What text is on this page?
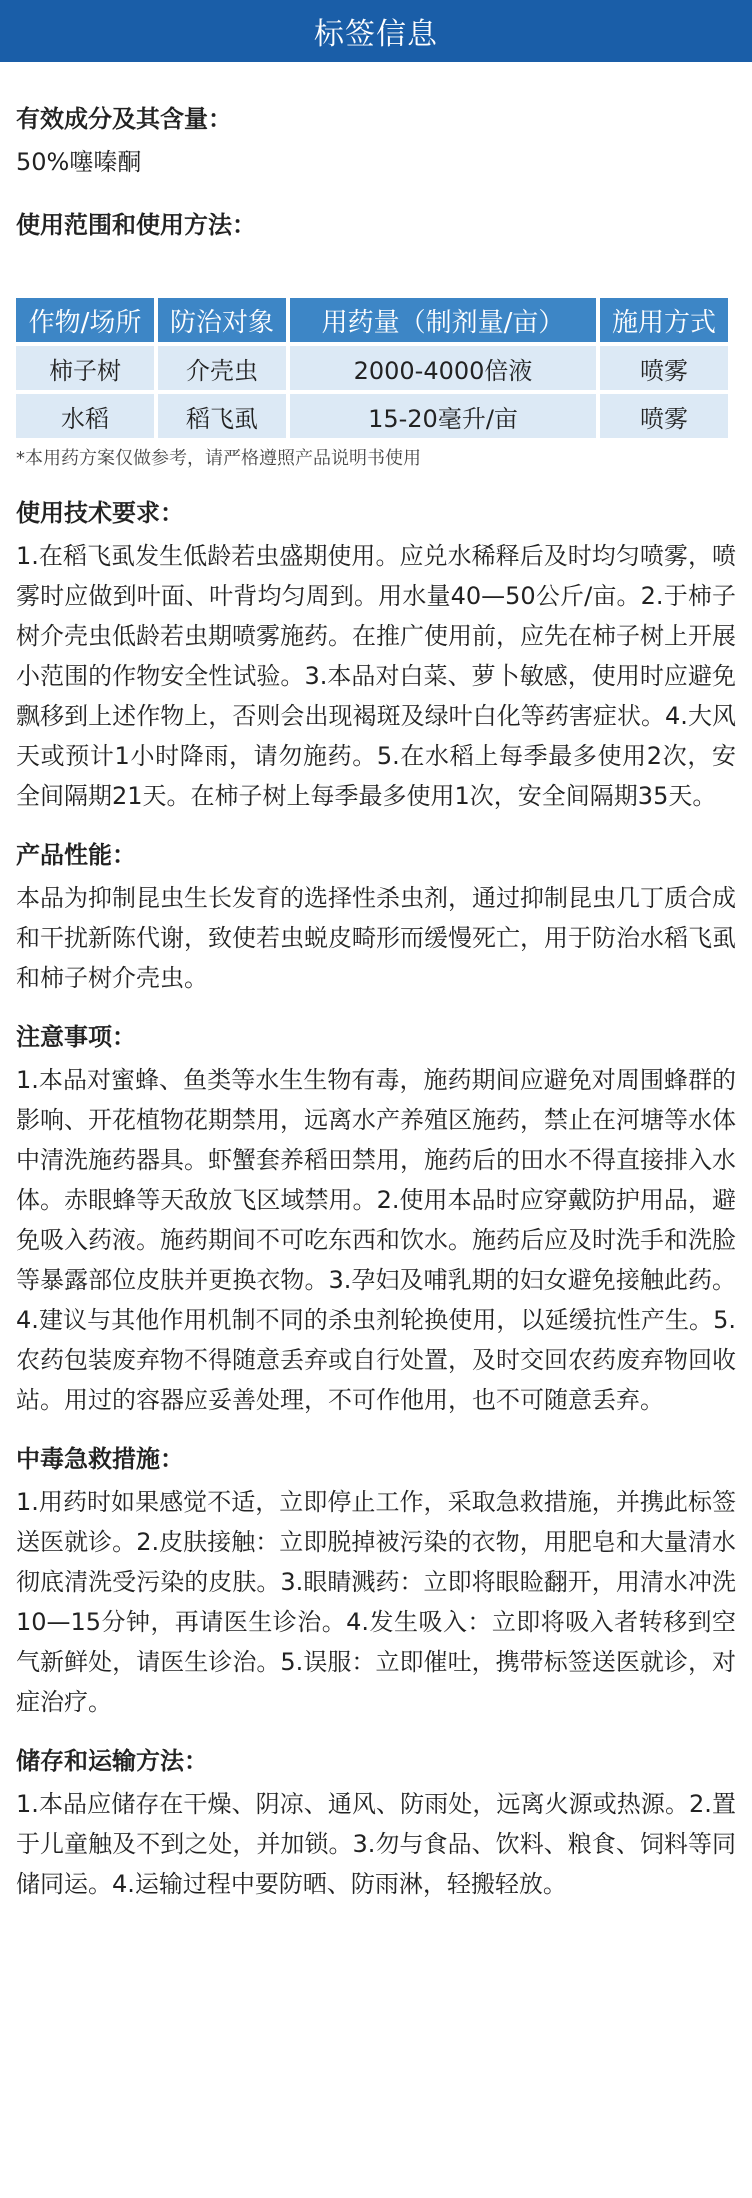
标签信息

有效成分及其含量：

50%噻嗪酮

使用范围和使用方法：

作物/场所	防治对象	用药量（制剂量/亩）	施用方式
柿子树	介壳虫	2000-4000倍液	喷雾
水稻	稻飞虱	15-20毫升/亩	喷雾
*本用药方案仅做参考，请严格遵照产品说明书使用

使用技术要求：

1.在稻飞虱发生低龄若虫盛期使用。应兑水稀释后及时均匀喷雾，喷雾时应做到叶面、叶背均匀周到。用水量40—50公斤/亩。2.于柿子树介壳虫低龄若虫期喷雾施药。在推广使用前，应先在柿子树上开展小范围的作物安全性试验。3.本品对白菜、萝卜敏感，使用时应避免飘移到上述作物上，否则会出现褐斑及绿叶白化等药害症状。4.大风天或预计1小时降雨，请勿施药。5.在水稻上每季最多使用2次，安全间隔期21天。在柿子树上每季最多使用1次，安全间隔期35天。

产品性能：

本品为抑制昆虫生长发育的选择性杀虫剂，通过抑制昆虫几丁质合成和干扰新陈代谢，致使若虫蜕皮畸形而缓慢死亡，用于防治水稻飞虱和柿子树介壳虫。

注意事项：

1.本品对蜜蜂、鱼类等水生生物有毒，施药期间应避免对周围蜂群的影响、开花植物花期禁用，远离水产养殖区施药，禁止在河塘等水体中清洗施药器具。虾蟹套养稻田禁用，施药后的田水不得直接排入水体。赤眼蜂等天敌放飞区域禁用。2.使用本品时应穿戴防护用品，避免吸入药液。施药期间不可吃东西和饮水。施药后应及时洗手和洗脸等暴露部位皮肤并更换衣物。3.孕妇及哺乳期的妇女避免接触此药。4.建议与其他作用机制不同的杀虫剂轮换使用，以延缓抗性产生。5.农药包装废弃物不得随意丢弃或自行处置，及时交回农药废弃物回收站。用过的容器应妥善处理，不可作他用，也不可随意丢弃。

中毒急救措施：

1.用药时如果感觉不适，立即停止工作，采取急救措施，并携此标签送医就诊。2.皮肤接触：立即脱掉被污染的衣物，用肥皂和大量清水彻底清洗受污染的皮肤。3.眼睛溅药：立即将眼睑翻开，用清水冲洗10—15分钟，再请医生诊治。4.发生吸入：立即将吸入者转移到空气新鲜处，请医生诊治。5.误服：立即催吐，携带标签送医就诊，对症治疗。

储存和运输方法：

1.本品应储存在干燥、阴凉、通风、防雨处，远离火源或热源。2.置于儿童触及不到之处，并加锁。3.勿与食品、饮料、粮食、饲料等同储同运。4.运输过程中要防晒、防雨淋，轻搬轻放。
